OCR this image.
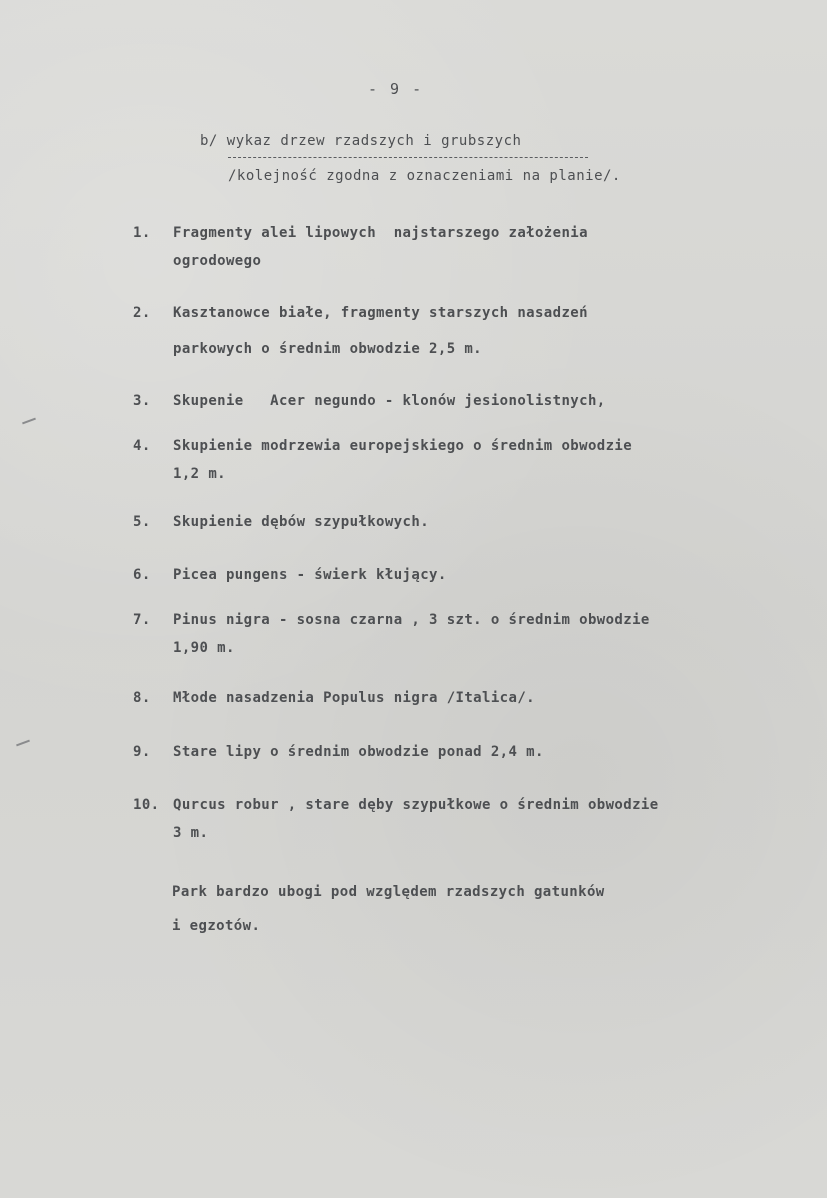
- 9 -
b/ wykaz drzew rzadszych i grubszych
/kolejność zgodna z oznaczeniami na planie/.
1.	Fragmenty alei lipowych  najstarszego założenia
ogrodowego
2.	Kasztanowce białe, fragmenty starszych nasadzeń
parkowych o średnim obwodzie 2,5 m.
3.	Skupenie   Acer negundo - klonów jesionolistnych,
4.	Skupienie modrzewia europejskiego o średnim obwodzie
1,2 m.
5.	Skupienie dębów szypułkowych.
6.	Picea pungens - świerk kłujący.
7.	Pinus nigra - sosna czarna , 3 szt. o średnim obwodzie
1,90 m.
8.	Młode nasadzenia Populus nigra /Italica/.
9.	Stare lipy o średnim obwodzie ponad 2,4 m.
10. Qurcus robur , stare dęby szypułkowe o średnim obwodzie
3 m.
Park bardzo ubogi pod względem rzadszych gatunków
i egzotów.
